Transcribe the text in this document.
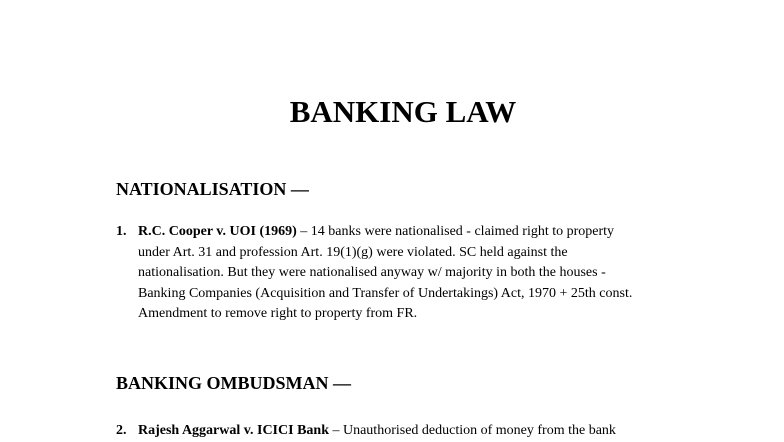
BANKING LAW
NATIONALISATION —
1. R.C. Cooper v. UOI (1969) – 14 banks were nationalised - claimed right to property
under Art. 31 and profession Art. 19(1)(g) were violated. SC held against the
nationalisation. But they were nationalised anyway w/ majority in both the houses -
Banking Companies (Acquisition and Transfer of Undertakings) Act, 1970 + 25th const.
Amendment to remove right to property from FR.
BANKING OMBUDSMAN —
2. Rajesh Aggarwal v. ICICI Bank – Unauthorised deduction of money from the bank
